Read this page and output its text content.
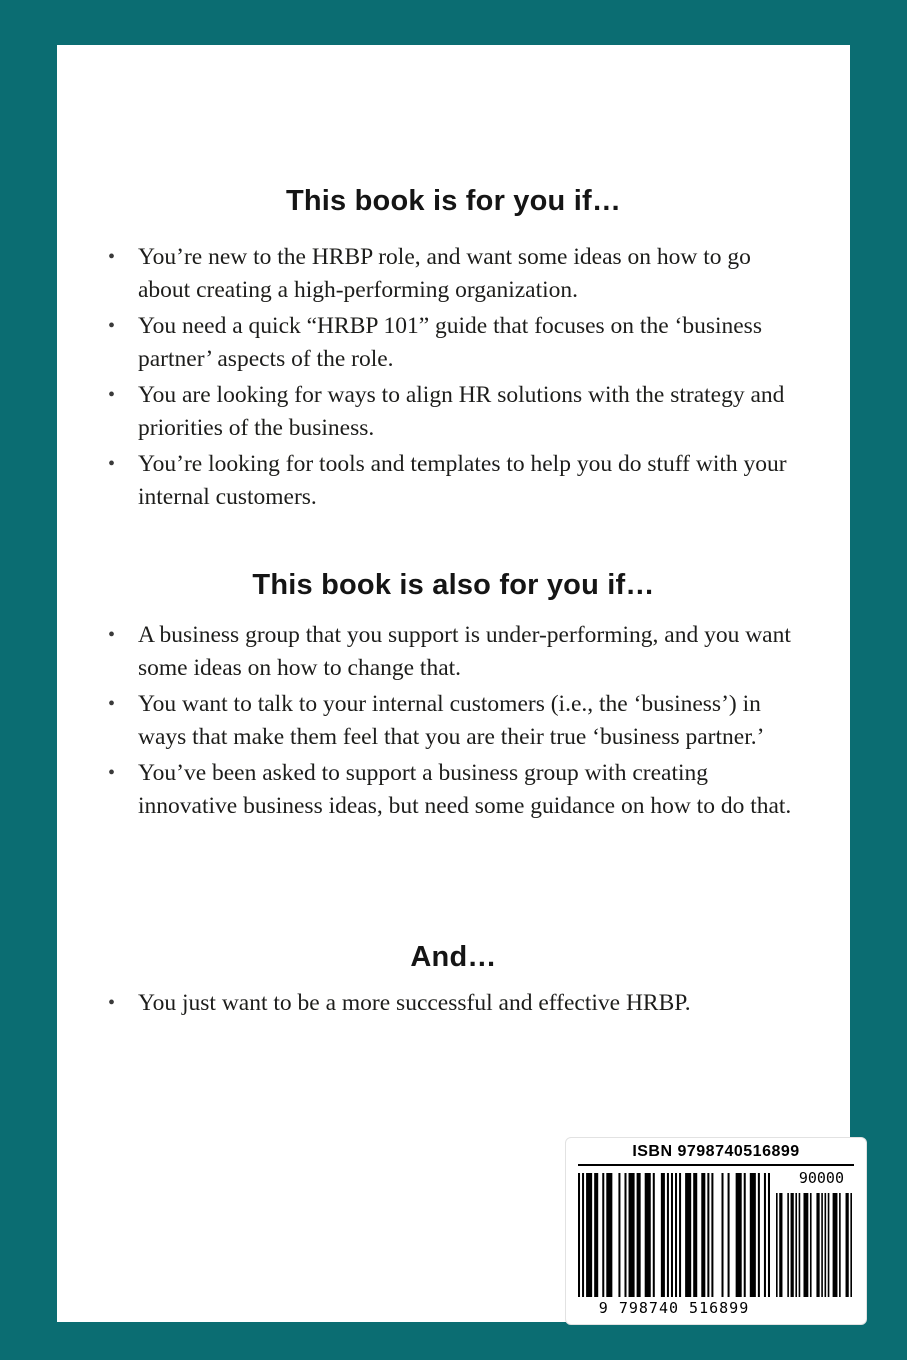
This book is for you if…
• You’re new to the HRBP role, and want some ideas on how to go about creating a high-performing organization.
• You need a quick “HRBP 101” guide that focuses on the ‘business partner’ aspects of the role.
• You are looking for ways to align HR solutions with the strategy and priorities of the business.
• You’re looking for tools and templates to help you do stuff with your internal customers.
This book is also for you if…
• A business group that you support is under-performing, and you want some ideas on how to change that.
• You want to talk to your internal customers (i.e., the ‘business’) in ways that make them feel that you are their true ‘business partner.’
• You’ve been asked to support a business group with creating innovative business ideas, but need some guidance on how to do that.
And…
• You just want to be a more successful and effective HRBP.
ISBN 9798740516899
90000
9 798740 516899
